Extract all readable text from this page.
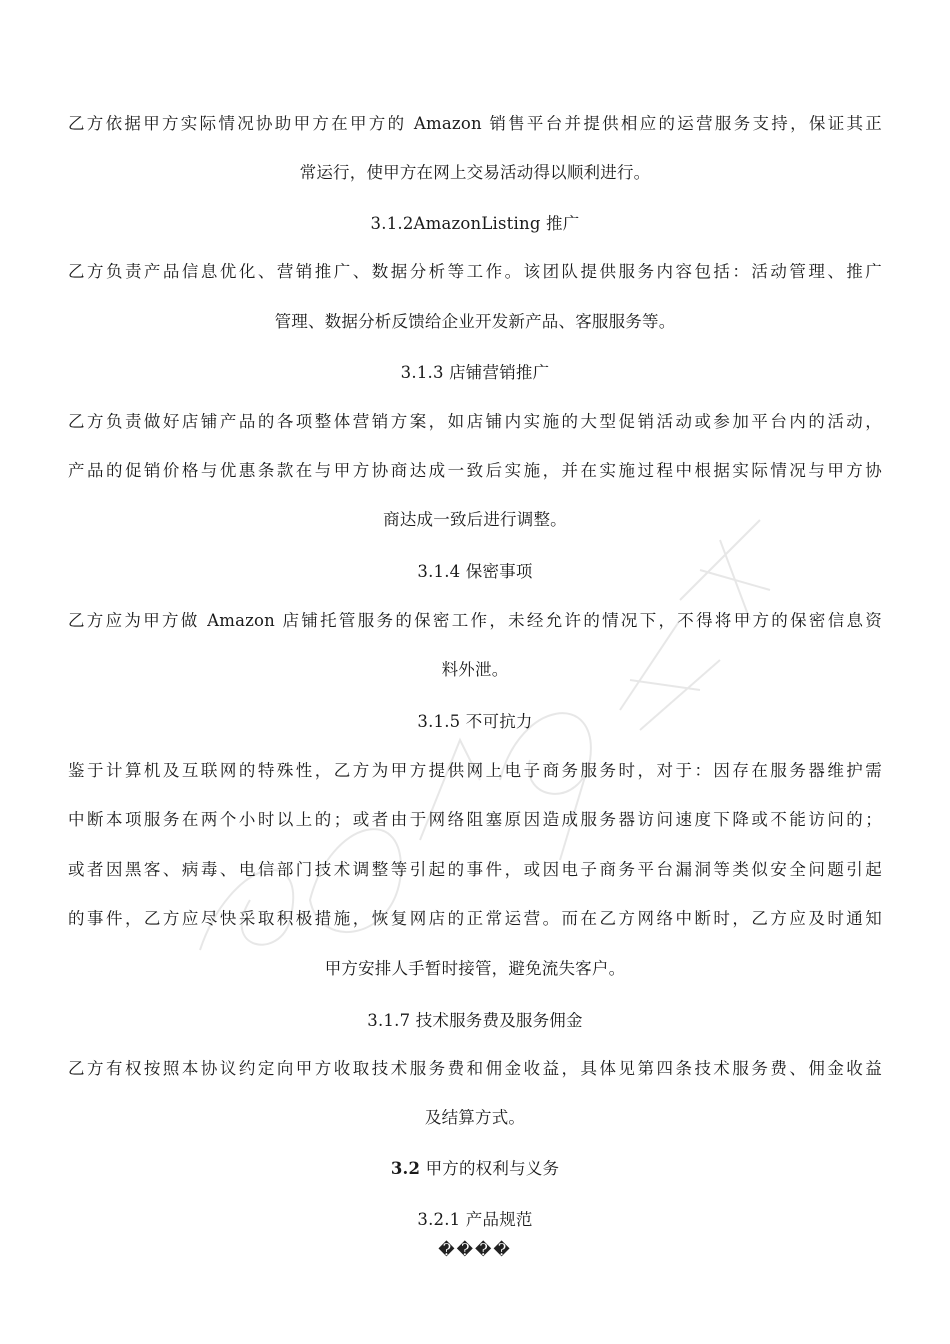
乙方依据甲方实际情况协助甲方在甲方的 Amazon 销售平台并提供相应的运营服务支持，保证其正
常运行，使甲方在网上交易活动得以顺利进行。
3.1.2AmazonListing 推广
乙方负责产品信息优化、营销推广、数据分析等工作。该团队提供服务内容包括：活动管理、推广
管理、数据分析反馈给企业开发新产品、客服服务等。
3.1.3 店铺营销推广
乙方负责做好店铺产品的各项整体营销方案，如店铺内实施的大型促销活动或参加平台内的活动，
产品的促销价格与优惠条款在与甲方协商达成一致后实施，并在实施过程中根据实际情况与甲方协
商达成一致后进行调整。
3.1.4 保密事项
乙方应为甲方做 Amazon 店铺托管服务的保密工作，未经允许的情况下，不得将甲方的保密信息资
料外泄。
3.1.5 不可抗力
鉴于计算机及互联网的特殊性，乙方为甲方提供网上电子商务服务时，对于：因存在服务器维护需
中断本项服务在两个小时以上的；或者由于网络阻塞原因造成服务器访问速度下降或不能访问的；
或者因黑客、病毒、电信部门技术调整等引起的事件，或因电子商务平台漏洞等类似安全问题引起
的事件，乙方应尽快采取积极措施，恢复网店的正常运营。而在乙方网络中断时，乙方应及时通知
甲方安排人手暂时接管，避免流失客户。
3.1.7 技术服务费及服务佣金
乙方有权按照本协议约定向甲方收取技术服务费和佣金收益，具体见第四条技术服务费、佣金收益
及结算方式。
3.2 甲方的权利与义务
3.2.1 产品规范
����
